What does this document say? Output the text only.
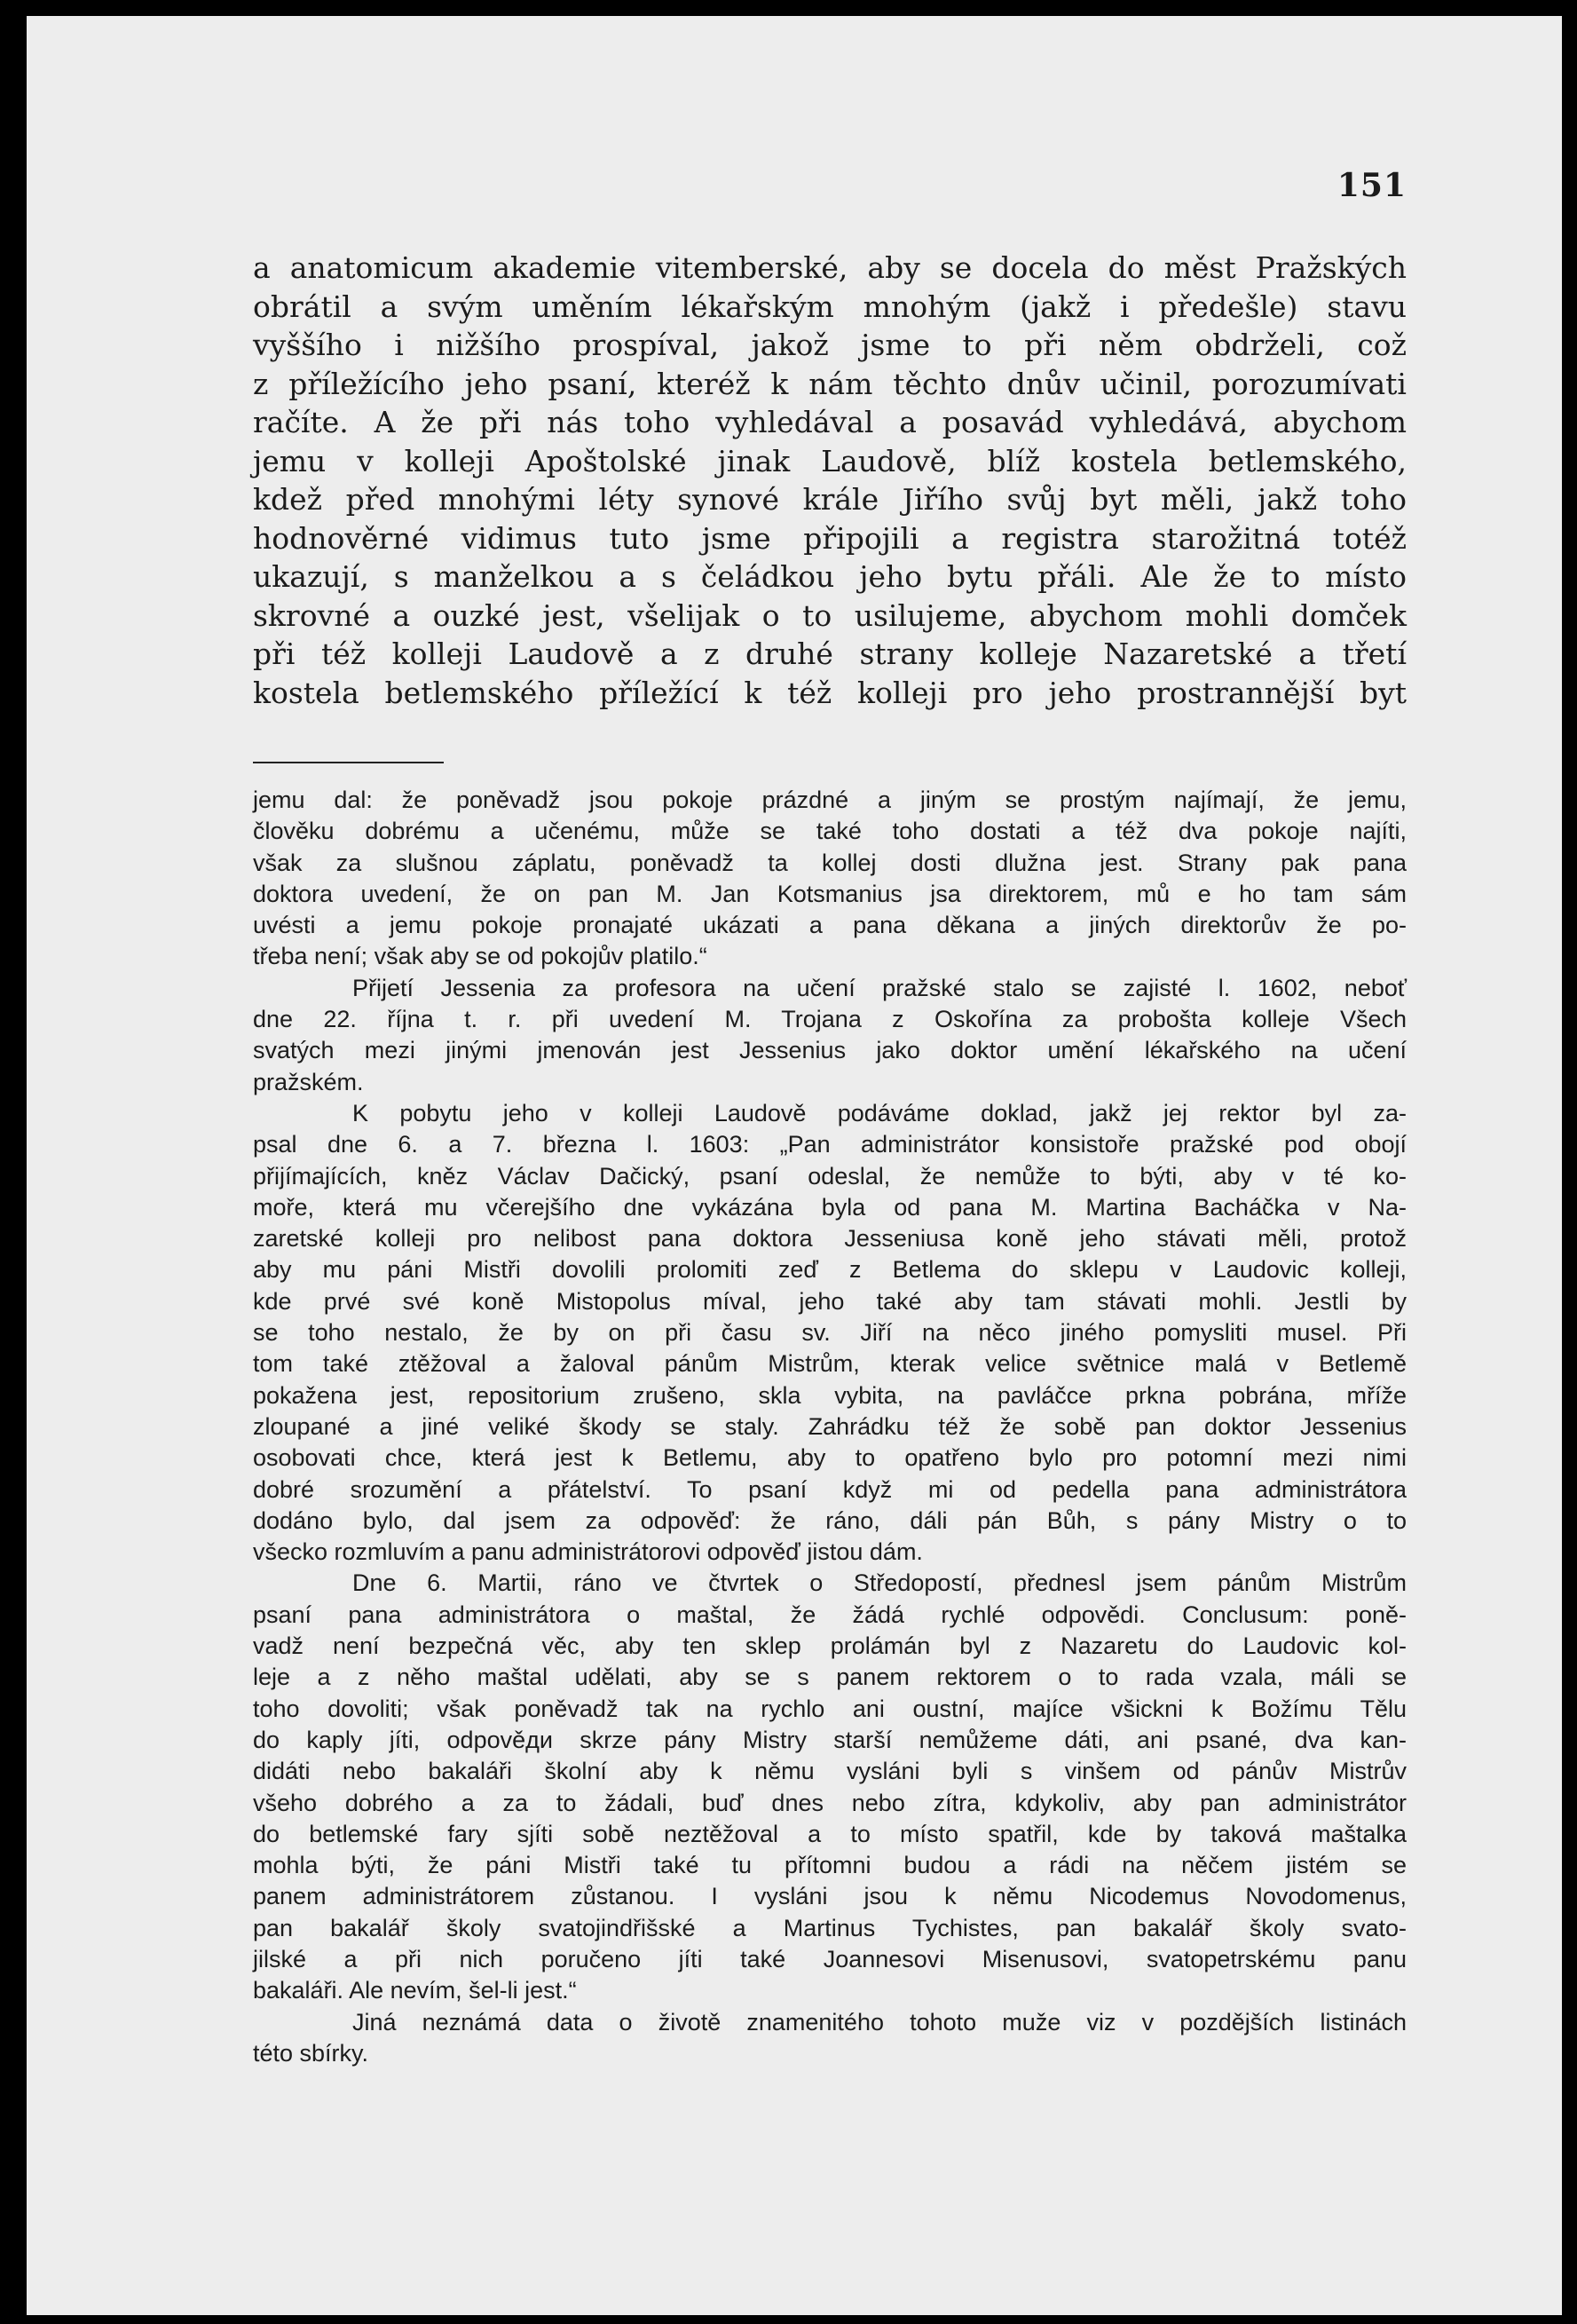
151
a anatomicum akademie vitemberské, aby se docela do měst Pražských
obrátil a svým uměním lékařským mnohým (jakž i předešle) stavu
vyššího i nižšího prospíval, jakož jsme to při něm obdrželi, což
z příležícího jeho psaní, kteréž k nám těchto dnův učinil, porozumívati
račíte. A že při nás toho vyhledával a posavád vyhledává, abychom
jemu v kolleji Apoštolské jinak Laudově, blíž kostela betlemského,
kdež před mnohými léty synové krále Jiřího svůj byt měli, jakž toho
hodnověrné vidimus tuto jsme připojili a registra starožitná totéž
ukazují, s manželkou a s čeládkou jeho bytu přáli. Ale že to místo
skrovné a ouzké jest, všelijak o to usilujeme, abychom mohli domček
při též kolleji Laudově a z druhé strany kolleje Nazaretské a třetí
kostela betlemského příležící k též kolleji pro jeho prostrannější byt
jemu dal: že poněvadž jsou pokoje prázdné a jiným se prostým najímají, že jemu,
člověku dobrému a učenému, může se také toho dostati a též dva pokoje najíti,
však za slušnou záplatu, poněvadž ta kollej dosti dlužna jest. Strany pak pana
doktora uvedení, že on pan M. Jan Kotsmanius jsa direktorem, mů e ho tam sám
uvésti a jemu pokoje pronajaté ukázati a pana děkana a jiných direktorův že po-
třeba není; však aby se od pokojův platilo.“
Přijetí Jessenia za profesora na učení pražské stalo se zajisté l. 1602, neboť
dne 22. října t. r. při uvedení M. Trojana z Oskořína za probošta kolleje Všech
svatých mezi jinými jmenován jest Jessenius jako doktor umění lékařského na učení
pražském.
K pobytu jeho v kolleji Laudově podáváme doklad, jakž jej rektor byl za-
psal dne 6. a 7. března l. 1603: „Pan administrátor konsistoře pražské pod obojí
přijímajících, kněz Václav Dačický, psaní odeslal, že nemůže to býti, aby v té ko-
moře, která mu včerejšího dne vykázána byla od pana M. Martina Bacháčka v Na-
zaretské kolleji pro nelibost pana doktora Jesseniusa koně jeho stávati měli, protož
aby mu páni Mistři dovolili prolomiti zeď z Betlema do sklepu v Laudovic kolleji,
kde prvé své koně Mistopolus míval, jeho také aby tam stávati mohli. Jestli by
se toho nestalo, že by on při času sv. Jiří na něco jiného pomysliti musel. Při
tom také ztěžoval a žaloval pánům Mistrům, kterak velice světnice malá v Betlemě
pokažena jest, repositorium zrušeno, skla vybita, na pavláčce prkna pobrána, mříže
zloupané a jiné veliké škody se staly. Zahrádku též že sobě pan doktor Jessenius
osobovati chce, která jest k Betlemu, aby to opatřeno bylo pro potomní mezi nimi
dobré srozumění a přátelství. To psaní když mi od pedella pana administrátora
dodáno bylo, dal jsem za odpověď: že ráno, dáli pán Bůh, s pány Mistry o to
všecko rozmluvím a panu administrátorovi odpověď jistou dám.
Dne 6. Martii, ráno ve čtvrtek o Středopostí, přednesl jsem pánům Mistrům
psaní pana administrátora o maštal, že žádá rychlé odpovědi. Conclusum: poně-
vadž není bezpečná věc, aby ten sklep prolámán byl z Nazaretu do Laudovic kol-
leje a z něho maštal udělati, aby se s panem rektorem o to rada vzala, máli se
toho dovoliti; však poněvadž tak na rychlo ani oustní, majíce všickni k Božímu Tělu
do kaply jíti, odpověди skrze pány Mistry starší nemůžeme dáti, ani psané, dva kan-
didáti nebo bakaláři školní aby k němu vysláni byli s vinšem od pánův Mistrův
všeho dobrého a za to žádali, buď dnes nebo zítra, kdykoliv, aby pan administrátor
do betlemské fary sjíti sobě neztěžoval a to místo spatřil, kde by taková maštalka
mohla býti, že páni Mistři také tu přítomni budou a rádi na něčem jistém se
panem administrátorem zůstanou. I vysláni jsou k němu Nicodemus Novodomenus,
pan bakalář školy svatojindřišské a Martinus Tychistes, pan bakalář školy svato-
jilské a při nich poručeno jíti také Joannesovi Misenusovi, svatopetrskému panu
bakaláři. Ale nevím, šel-li jest.“
Jiná neznámá data o životě znamenitého tohoto muže viz v pozdějších listinách
této sbírky.
